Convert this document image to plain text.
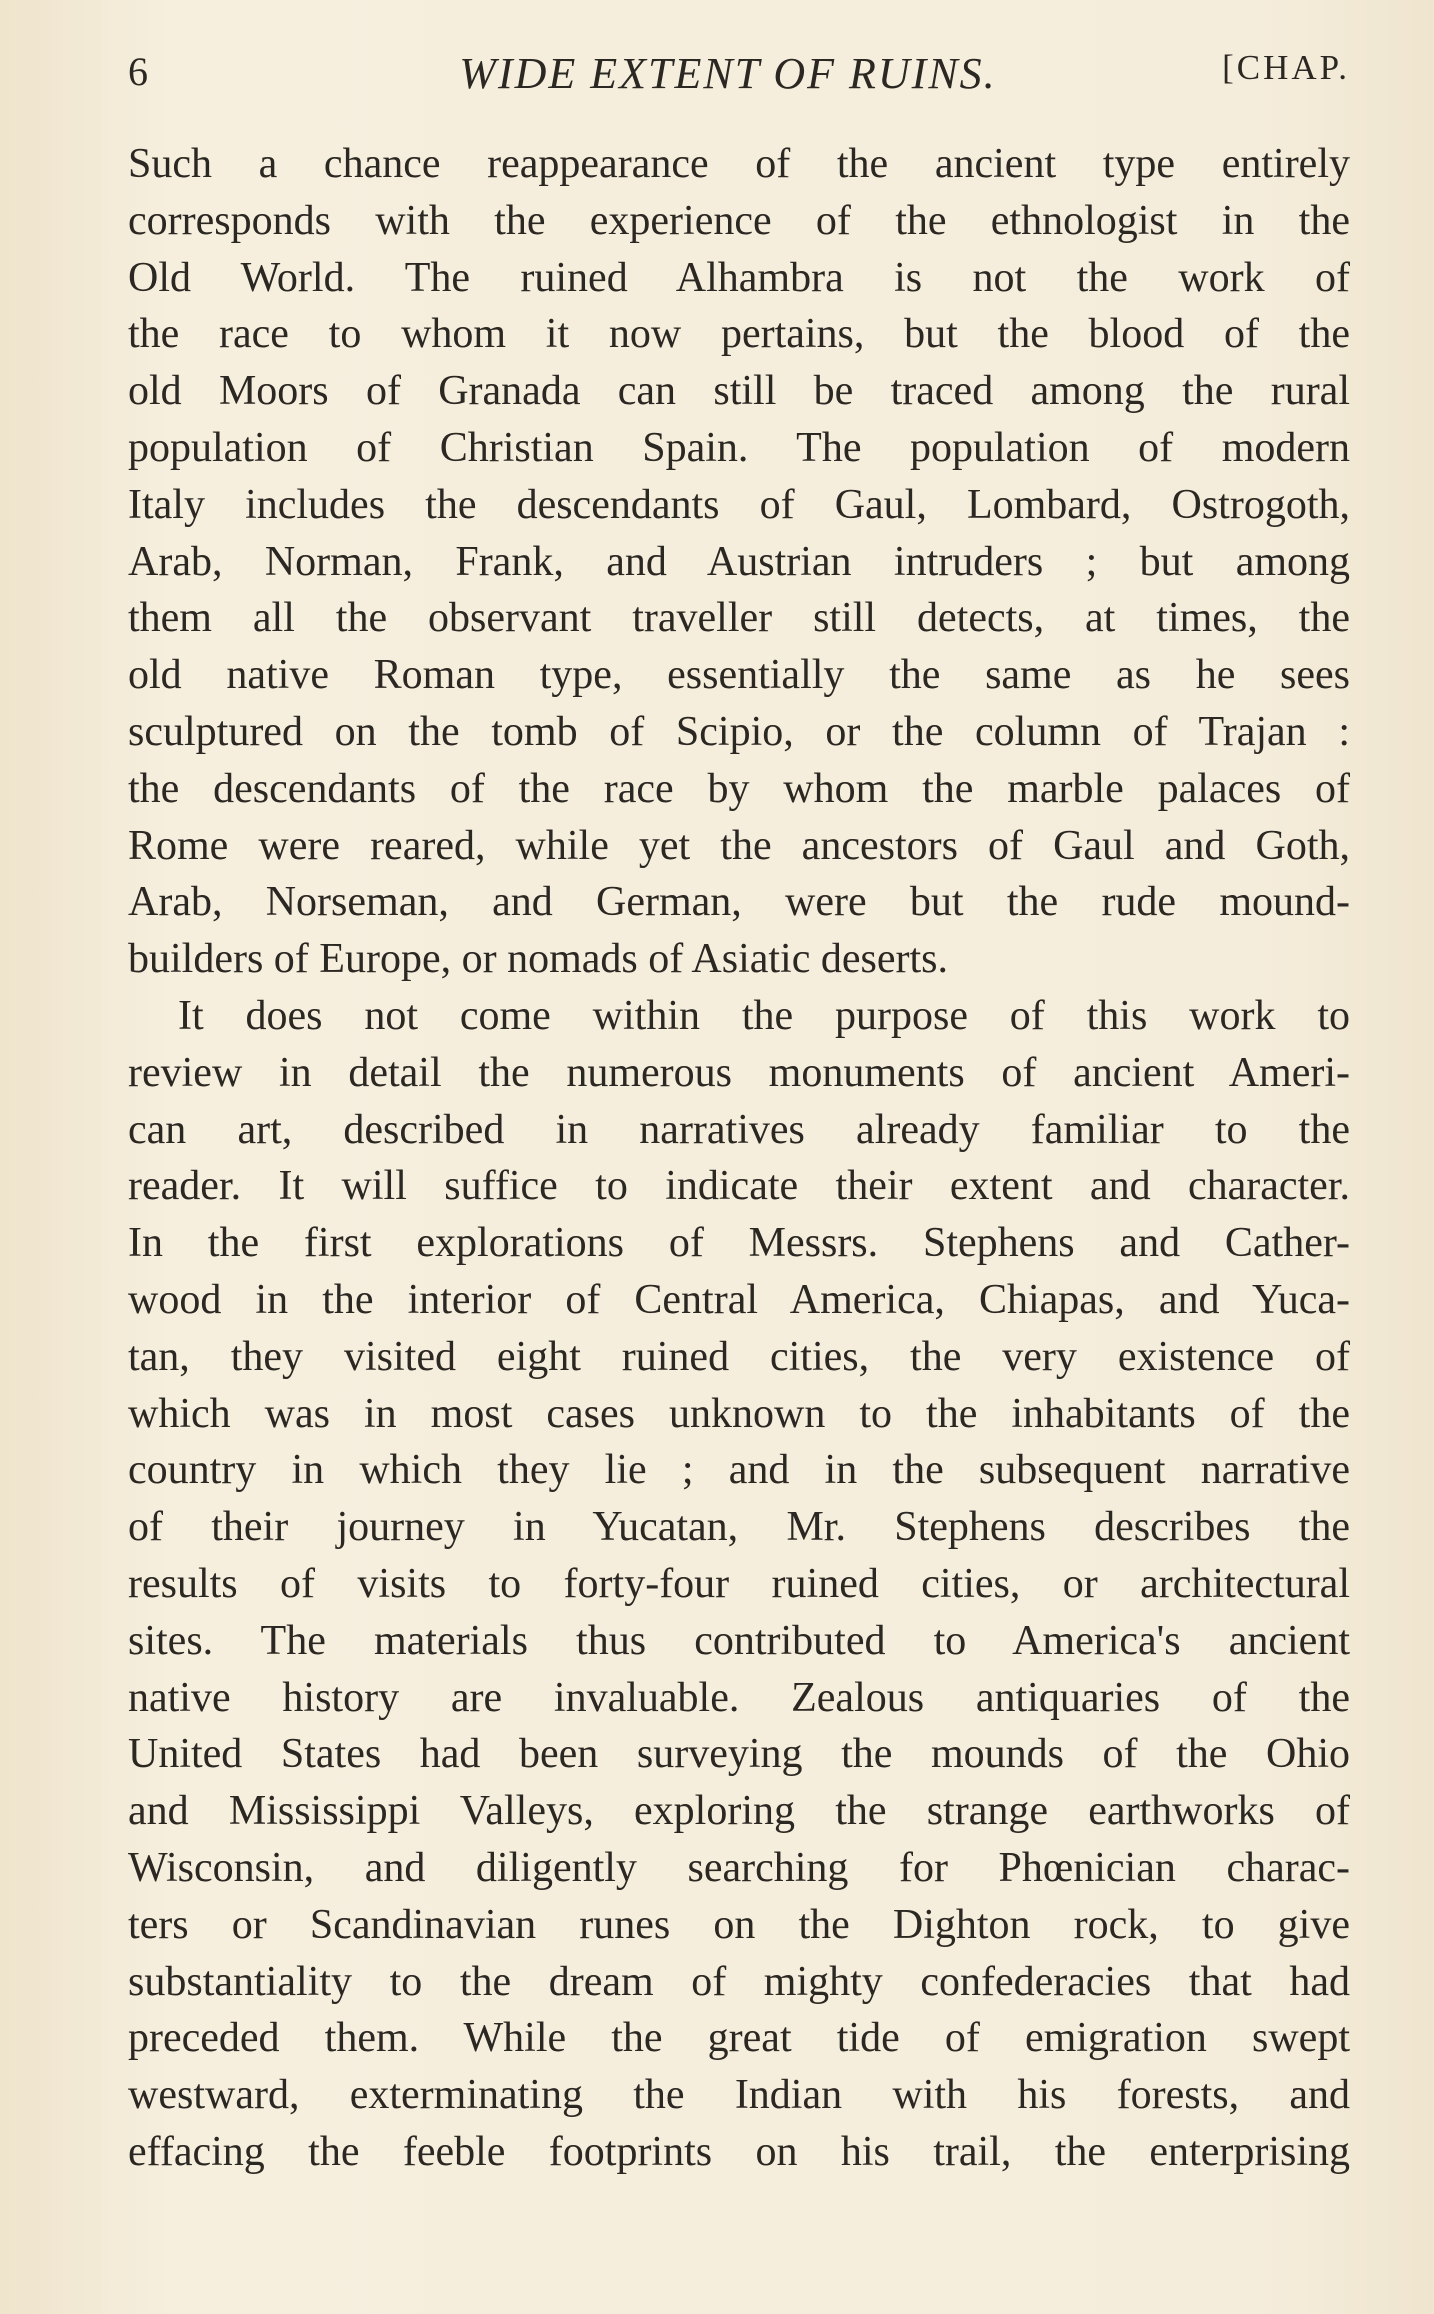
6	WIDE EXTENT OF RUINS.	[CHAP.
Such a chance reappearance of the ancient type entirely
corresponds with the experience of the ethnologist in the
Old World. The ruined Alhambra is not the work of
the race to whom it now pertains, but the blood of the
old Moors of Granada can still be traced among the rural
population of Christian Spain. The population of modern
Italy includes the descendants of Gaul, Lombard, Ostrogoth,
Arab, Norman, Frank, and Austrian intruders ; but among
them all the observant traveller still detects, at times, the
old native Roman type, essentially the same as he sees
sculptured on the tomb of Scipio, or the column of Trajan :
the descendants of the race by whom the marble palaces of
Rome were reared, while yet the ancestors of Gaul and Goth,
Arab, Norseman, and German, were but the rude mound-
builders of Europe, or nomads of Asiatic deserts.
It does not come within the purpose of this work to
review in detail the numerous monuments of ancient Ameri-
can art, described in narratives already familiar to the
reader. It will suffice to indicate their extent and character.
In the first explorations of Messrs. Stephens and Cather-
wood in the interior of Central America, Chiapas, and Yuca-
tan, they visited eight ruined cities, the very existence of
which was in most cases unknown to the inhabitants of the
country in which they lie ; and in the subsequent narrative
of their journey in Yucatan, Mr. Stephens describes the
results of visits to forty-four ruined cities, or architectural
sites. The materials thus contributed to America's ancient
native history are invaluable. Zealous antiquaries of the
United States had been surveying the mounds of the Ohio
and Mississippi Valleys, exploring the strange earthworks of
Wisconsin, and diligently searching for Phœnician charac-
ters or Scandinavian runes on the Dighton rock, to give
substantiality to the dream of mighty confederacies that had
preceded them. While the great tide of emigration swept
westward, exterminating the Indian with his forests, and
effacing the feeble footprints on his trail, the enterprising
